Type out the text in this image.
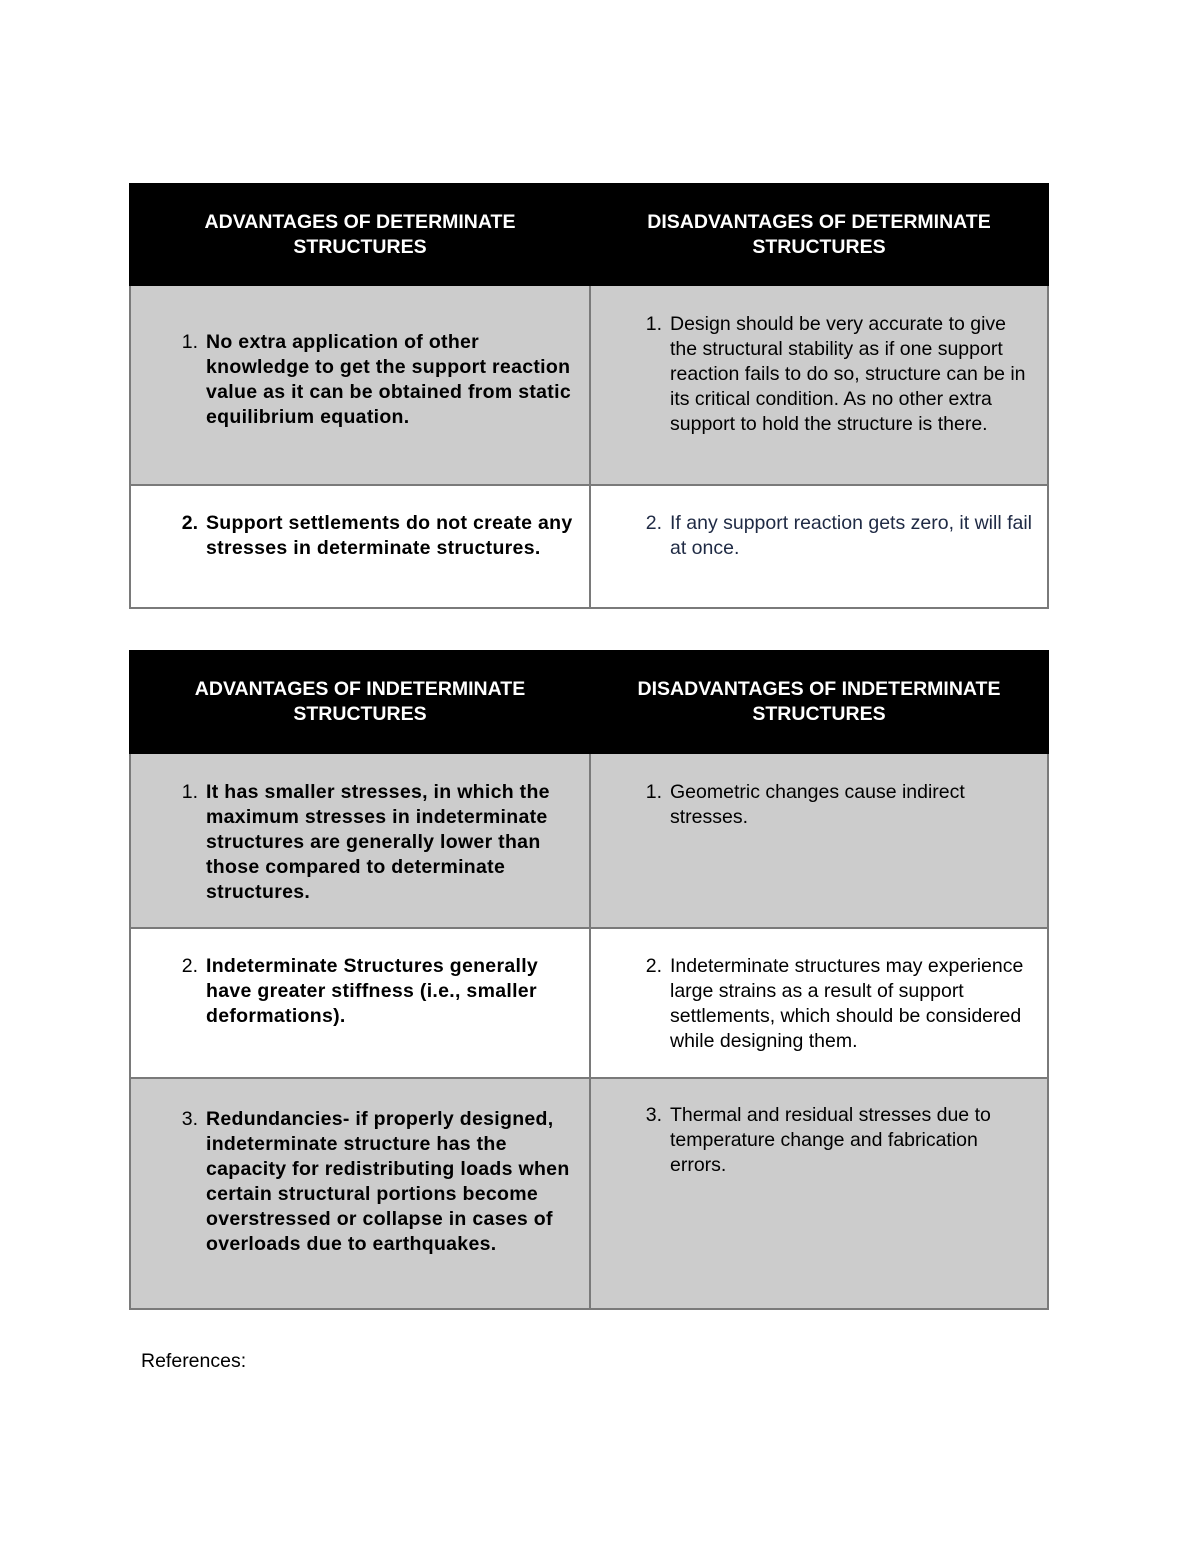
ADVANTAGES OF DETERMINATE STRUCTURES	DISADVANTAGES OF DETERMINATE STRUCTURES

1. No extra application of other knowledge to get the support reaction value as it can be obtained from static equilibrium equation.	1. Design should be very accurate to give the structural stability as if one support reaction fails to do so, structure can be in its critical condition. As no other extra support to hold the structure is there.

2. Support settlements do not create any stresses in determinate structures.	2. If any support reaction gets zero, it will fail at once.
ADVANTAGES OF INDETERMINATE STRUCTURES	DISADVANTAGES OF INDETERMINATE STRUCTURES

1. It has smaller stresses, in which the maximum stresses in indeterminate structures are generally lower than those compared to determinate structures.	1. Geometric changes cause indirect stresses.

2. Indeterminate Structures generally have greater stiffness (i.e., smaller deformations).	2. Indeterminate structures may experience large strains as a result of support settlements, which should be considered while designing them.

3. Redundancies- if properly designed, indeterminate structure has the capacity for redistributing loads when certain structural portions become
overstressed or collapse in cases of
overloads due to earthquakes.	3. Thermal and residual stresses due to temperature change and fabrication errors.
References:
